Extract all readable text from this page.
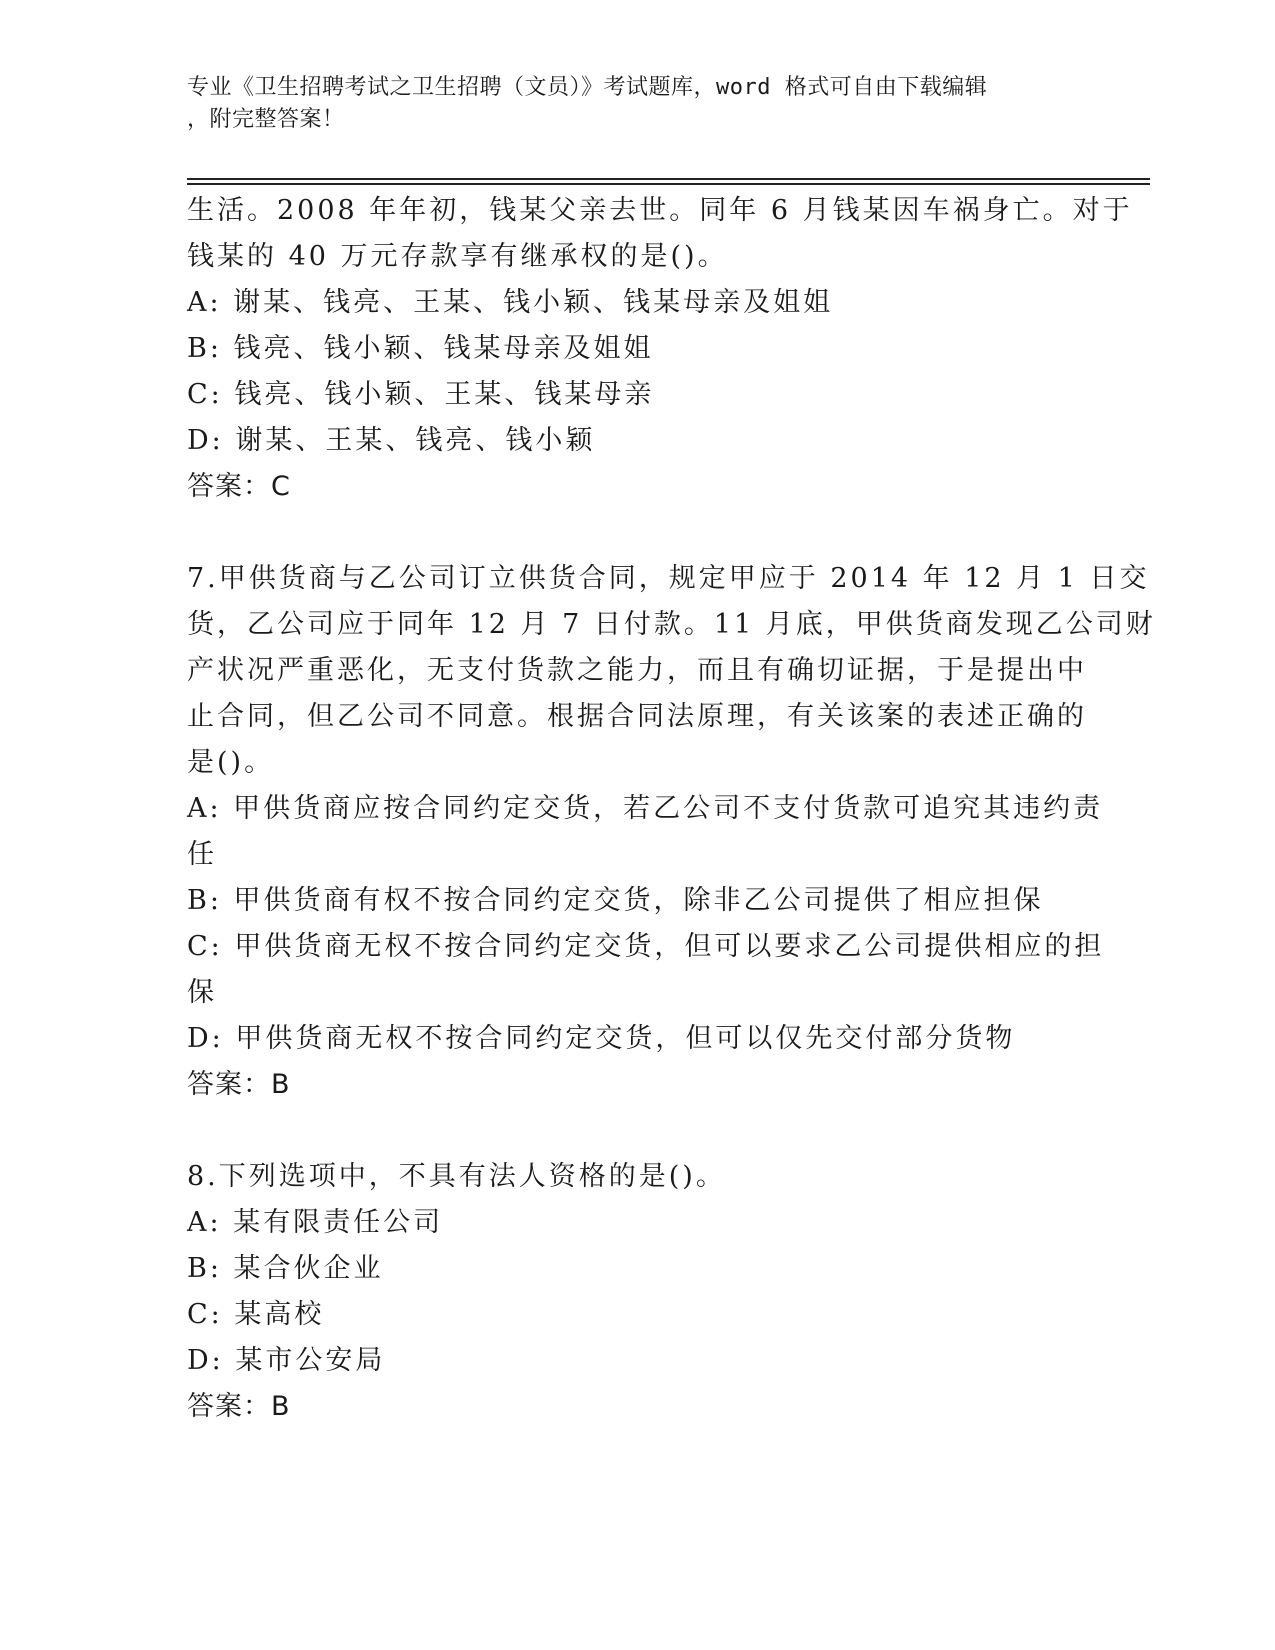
专业《卫生招聘考试之卫生招聘（文员）》考试题库，word 格式可自由下载编辑
，附完整答案！
生活。2008 年年初，钱某父亲去世。同年 6 月钱某因车祸身亡。对于
钱某的 40 万元存款享有继承权的是()。
A: 谢某、钱亮、王某、钱小颖、钱某母亲及姐姐
B: 钱亮、钱小颖、钱某母亲及姐姐
C: 钱亮、钱小颖、王某、钱某母亲
D: 谢某、王某、钱亮、钱小颖
答案：C
7.甲供货商与乙公司订立供货合同，规定甲应于 2014 年 12 月 1 日交
货，乙公司应于同年 12 月 7 日付款。11 月底，甲供货商发现乙公司财
产状况严重恶化，无支付货款之能力，而且有确切证据，于是提出中
止合同，但乙公司不同意。根据合同法原理，有关该案的表述正确的
是()。
A: 甲供货商应按合同约定交货，若乙公司不支付货款可追究其违约责
任
B: 甲供货商有权不按合同约定交货，除非乙公司提供了相应担保
C: 甲供货商无权不按合同约定交货，但可以要求乙公司提供相应的担
保
D: 甲供货商无权不按合同约定交货，但可以仅先交付部分货物
答案：B
8.下列选项中，不具有法人资格的是()。
A: 某有限责任公司
B: 某合伙企业
C: 某高校
D: 某市公安局
答案：B
